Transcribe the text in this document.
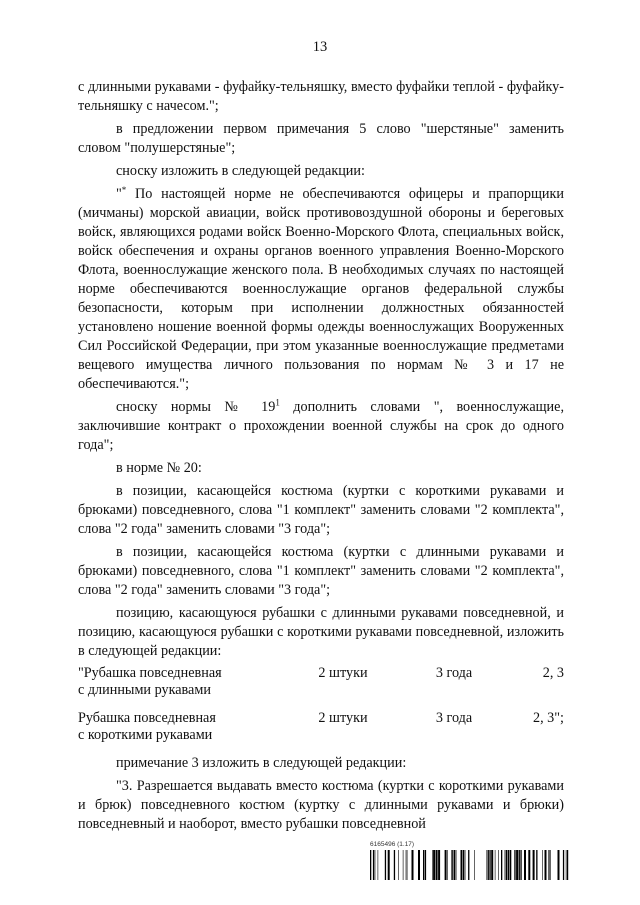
13

с длинными рукавами - фуфайку-тельняшку, вместо фуфайки теплой - фуфайку-тельняшку с начесом.";

в предложении первом примечания 5 слово "шерстяные" заменить словом "полушерстяные";

сноску изложить в следующей редакции:

"* По настоящей норме не обеспечиваются офицеры и прапорщики (мичманы) морской авиации, войск противовоздушной обороны и береговых войск, являющихся родами войск Военно-Морского Флота, специальных войск, войск обеспечения и охраны органов военного управления Военно-Морского Флота, военнослужащие женского пола. В необходимых случаях по настоящей норме обеспечиваются военнослужащие органов федеральной службы безопасности, которым при исполнении должностных обязанностей установлено ношение военной формы одежды военнослужащих Вооруженных Сил Российской Федерации, при этом указанные военнослужащие предметами вещевого имущества личного пользования по нормам № 3 и 17 не обеспечиваются.";

сноску нормы № $19^1$ дополнить словами ", военнослужащие, заключившие контракт о прохождении военной службы на срок до одного года";

в норме № 20:

в позиции, касающейся костюма (куртки с короткими рукавами и брюками) повседневного, слова "1 комплект" заменить словами "2 комплекта", слова "2 года" заменить словами "3 года";

в позиции, касающейся костюма (куртки с длинными рукавами и брюками) повседневного, слова "1 комплект" заменить словами "2 комплекта", слова "2 года" заменить словами "3 года";

позицию, касающуюся рубашки с длинными рукавами повседневной, и позицию, касающуюся рубашки с короткими рукавами повседневной, изложить в следующей редакции:

"Рубашка повседневная
с длинными рукавами	2 штуки	3 года	2, 3
Рубашка повседневная
с короткими рукавами	2 штуки	3 года	2, 3";

примечание 3 изложить в следующей редакции:

"3. Разрешается выдавать вместо костюма (куртки с короткими рукавами и брюк) повседневного костюм (куртку с длинными рукавами и брюки) повседневный и наоборот, вместо рубашки повседневной

6165496 (1.17)
